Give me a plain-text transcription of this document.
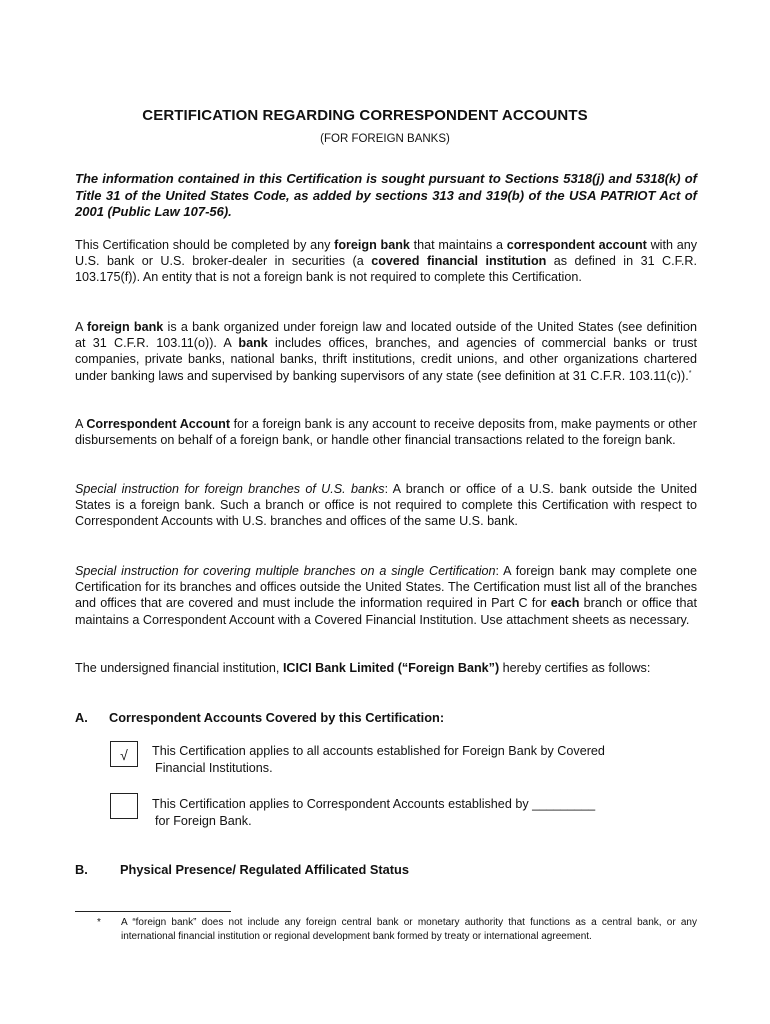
CERTIFICATION REGARDING CORRESPONDENT ACCOUNTS
(FOR FOREIGN BANKS)

The information contained in this Certification is sought pursuant to Sections 5318(j) and 5318(k) of Title 31 of the United States Code, as added by sections 313 and 319(b) of the USA PATRIOT Act of 2001 (Public Law 107-56).

This Certification should be completed by any foreign bank that maintains a correspondent account with any U.S. bank or U.S. broker-dealer in securities (a covered financial institution as defined in 31 C.F.R. 103.175(f)). An entity that is not a foreign bank is not required to complete this Certification.

A foreign bank is a bank organized under foreign law and located outside of the United States (see definition at 31 C.F.R. 103.11(o)). A bank includes offices, branches, and agencies of commercial banks or trust companies, private banks, national banks, thrift institutions, credit unions, and other organizations chartered under banking laws and supervised by banking supervisors of any state (see definition at 31 C.F.R. 103.11(c)).*

A Correspondent Account for a foreign bank is any account to receive deposits from, make payments or other disbursements on behalf of a foreign bank, or handle other financial transactions related to the foreign bank.

Special instruction for foreign branches of U.S. banks: A branch or office of a U.S. bank outside the United States is a foreign bank. Such a branch or office is not required to complete this Certification with respect to Correspondent Accounts with U.S. branches and offices of the same U.S. bank.

Special instruction for covering multiple branches on a single Certification: A foreign bank may complete one Certification for its branches and offices outside the United States. The Certification must list all of the branches and offices that are covered and must include the information required in Part C for each branch or office that maintains a Correspondent Account with a Covered Financial Institution. Use attachment sheets as necessary.

The undersigned financial institution, ICICI Bank Limited (“Foreign Bank”) hereby certifies as follows:

A. Correspondent Accounts Covered by this Certification:
√	This Certification applies to all accounts established for Foreign Bank by Covered
Financial Institutions.
This Certification applies to Correspondent Accounts established by _________
for Foreign Bank.
B.	Physical Presence/ Regulated Affilicated Status
* A “foreign bank” does not include any foreign central bank or monetary authority that functions as a central bank, or any international financial institution or regional development bank formed by treaty or international agreement.
